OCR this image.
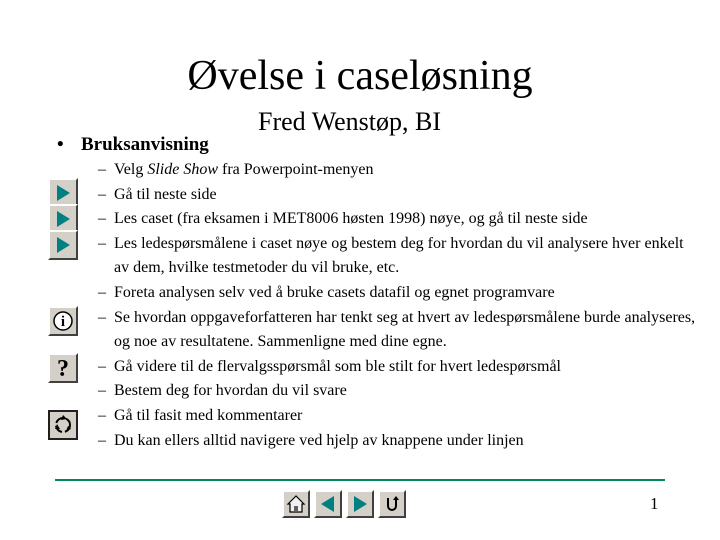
Øvelse i caseløsning
Fred Wenstøp, BI
• Bruksanvisning
– Velg Slide Show fra Powerpoint-menyen
– Gå til neste side
– Les caset (fra eksamen i MET8006 høsten 1998) nøye, og gå til neste side
– Les ledespørsmålene i caset nøye og bestem deg for hvordan du vil analysere hver enkelt av dem, hvilke testmetoder du vil bruke, etc.
– Foreta analysen selv ved å bruke casets datafil og egnet programvare
– Se hvordan oppgaveforfatteren har tenkt seg at hvert av ledespørsmålene burde analyseres, og noe av resultatene. Sammenligne med dine egne.
– Gå videre til de flervalgsspørsmål som ble stilt for hvert ledespørsmål
– Bestem deg for hvordan du vil svare
– Gå til fasit med kommentarer
– Du kan ellers alltid navigere ved hjelp av knappene under linjen
i
?
1
